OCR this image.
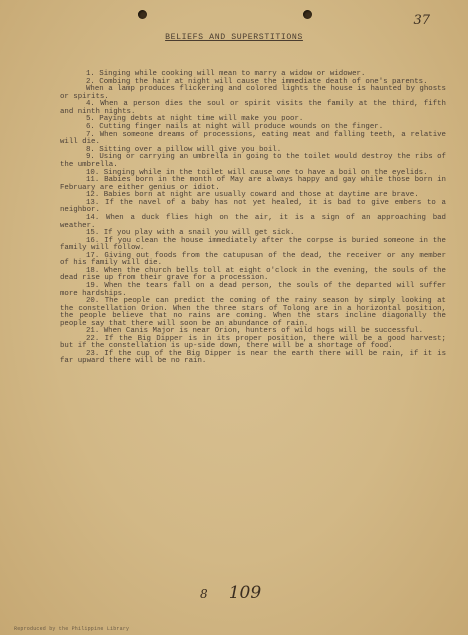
37
BELIEFS AND SUPERSTITIONS

1. Singing while cooking will mean to marry a widow or widower.

2. Combing the hair at night will cause the immediate death of one's parents.

When a lamp produces flickering and colored lights the house is haunted by ghosts or spirits.

4. When a person dies the soul or spirit visits the family at the third, fifth and ninth nights.

5. Paying debts at night time will make you poor.

6. Cutting finger nails at night will produce wounds on the finger.

7. When someone dreams of processions, eating meat and falling teeth, a relative will die.

8. Sitting over a pillow will give you boil.

9. Using or carrying an umbrella in going to the toilet would destroy the ribs of the umbrella.

10. Singing while in the toilet will cause one to have a boil on the eyelids.

11. Babies born in the month of May are always happy and gay while those born in February are either genius or idiot.

12. Babies born at night are usually coward and those at daytime are brave.

13. If the navel of a baby has not yet healed, it is bad to give embers to a neighbor.

14. When a duck flies high on the air, it is a sign of an approaching bad weather.

15. If you play with a snail you will get sick.

16. If you clean the house immediately after the corpse is buried someone in the family will follow.

17. Giving out foods from the catupusan of the dead, the receiver or any member of his family will die.

18. When the church bells toll at eight o'clock in the evening, the souls of the dead rise up from their grave for a procession.

19. When the tears fall on a dead person, the souls of the departed will suffer more hardships.

20. The people can predict the coming of the rainy season by simply looking at the constellation Orion. When the three stars of Tolong are in a horizontal position, the people believe that no rains are coming. When the stars incline diagonally the people say that there will soon be an abundance of rain.

21. When Canis Major is near Orion, hunters of wild hogs will be successful.

22. If the Big Dipper is in its proper position, there will be a good harvest; but if the constellation is up-side down, there will be a shortage of food.

23. If the cup of the Big Dipper is near the earth there will be rain, if it is far upward there will be no rain.

8 109
Reproduced by the Philippine Library
